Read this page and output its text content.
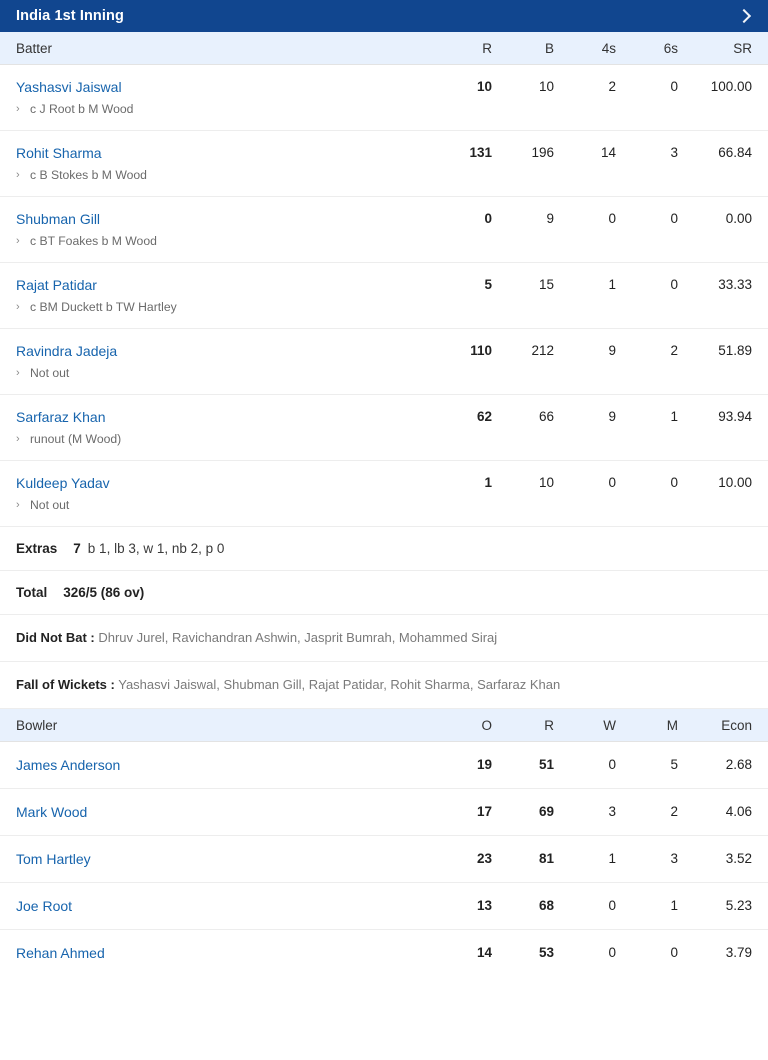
India 1st Inning
Batter	R	B	4s	6s	SR
Yashasvi Jaiswal
› c J Root b M Wood
10	10	2	0	100.00
Rohit Sharma
› c B Stokes b M Wood
131	196	14	3	66.84
Shubman Gill
› c BT Foakes b M Wood
0	9	0	0	0.00
Rajat Patidar
› c BM Duckett b TW Hartley
5	15	1	0	33.33
Ravindra Jadeja
› Not out
110	212	9	2	51.89
Sarfaraz Khan
› runout (M Wood)
62	66	9	1	93.94
Kuldeep Yadav
› Not out
1	10	0	0	10.00
Extras 7 b 1, lb 3, w 1, nb 2, p 0
Total 326/5 (86 ov)
Did Not Bat : Dhruv Jurel, Ravichandran Ashwin, Jasprit Bumrah, Mohammed Siraj
Fall of Wickets : Yashasvi Jaiswal, Shubman Gill, Rajat Patidar, Rohit Sharma, Sarfaraz Khan
Bowler	O	R	W	M	Econ
James Anderson	19	51	0	5	2.68
Mark Wood	17	69	3	2	4.06
Tom Hartley	23	81	1	3	3.52
Joe Root	13	68	0	1	5.23
Rehan Ahmed	14	53	0	0	3.79
